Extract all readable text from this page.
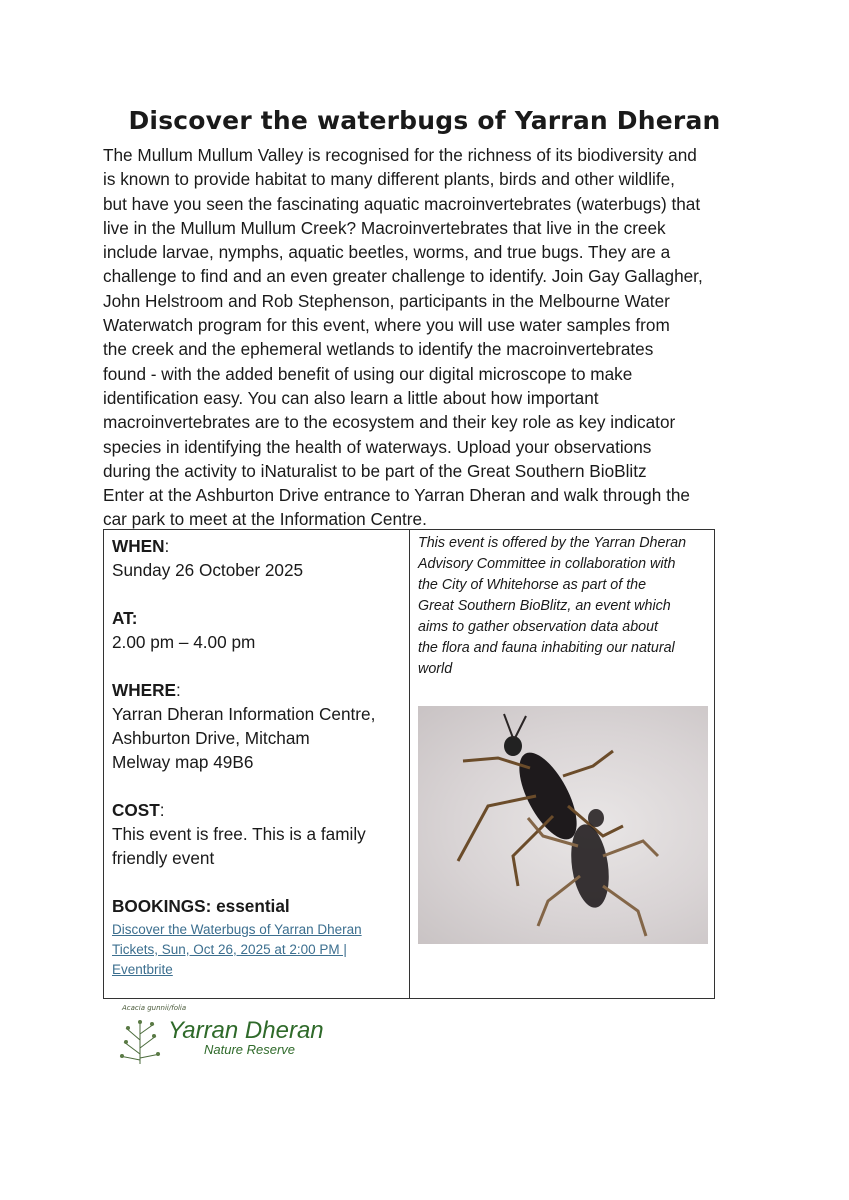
Discover the waterbugs of Yarran Dheran

The Mullum Mullum Valley is recognised for the richness of its biodiversity and

is known to provide habitat to many different plants, birds and other wildlife,

but have you seen the fascinating aquatic macroinvertebrates (waterbugs) that

live in the Mullum Mullum Creek? Macroinvertebrates that live in the creek

include larvae, nymphs, aquatic beetles, worms, and true bugs. They are a

challenge to find and an even greater challenge to identify. Join Gay Gallagher,

John Helstroom and Rob Stephenson, participants in the Melbourne Water

Waterwatch program for this event, where you will use water samples from

the creek and the ephemeral wetlands to identify the macroinvertebrates

found - with the added benefit of using our digital microscope to make

identification easy. You can also learn a little about how important

macroinvertebrates are to the ecosystem and their key role as key indicator

species in identifying the health of waterways. Upload your observations

during the activity to iNaturalist to be part of the Great Southern BioBlitz

Enter at the Ashburton Drive entrance to Yarran Dheran and walk through the

car park to meet at the Information Centre.

WHEN:

Sunday 26 October 2025

AT:

2.00 pm – 4.00 pm

WHERE:

Yarran Dheran Information Centre,

Ashburton Drive, Mitcham

Melway map 49B6

COST:

This event is free. This is a family

friendly event

BOOKINGS: essential

Discover the Waterbugs of Yarran Dheran
Tickets, Sun, Oct 26, 2025 at 2:00 PM |
Eventbrite
This event is offered by the Yarran Dheran
Advisory Committee in collaboration with
the City of Whitehorse as part of the
Great Southern BioBlitz, an event which
aims to gather observation data about
the flora and fauna inhabiting our natural
world
Acacia gunnii/folia
Yarran Dheran
Nature Reserve
